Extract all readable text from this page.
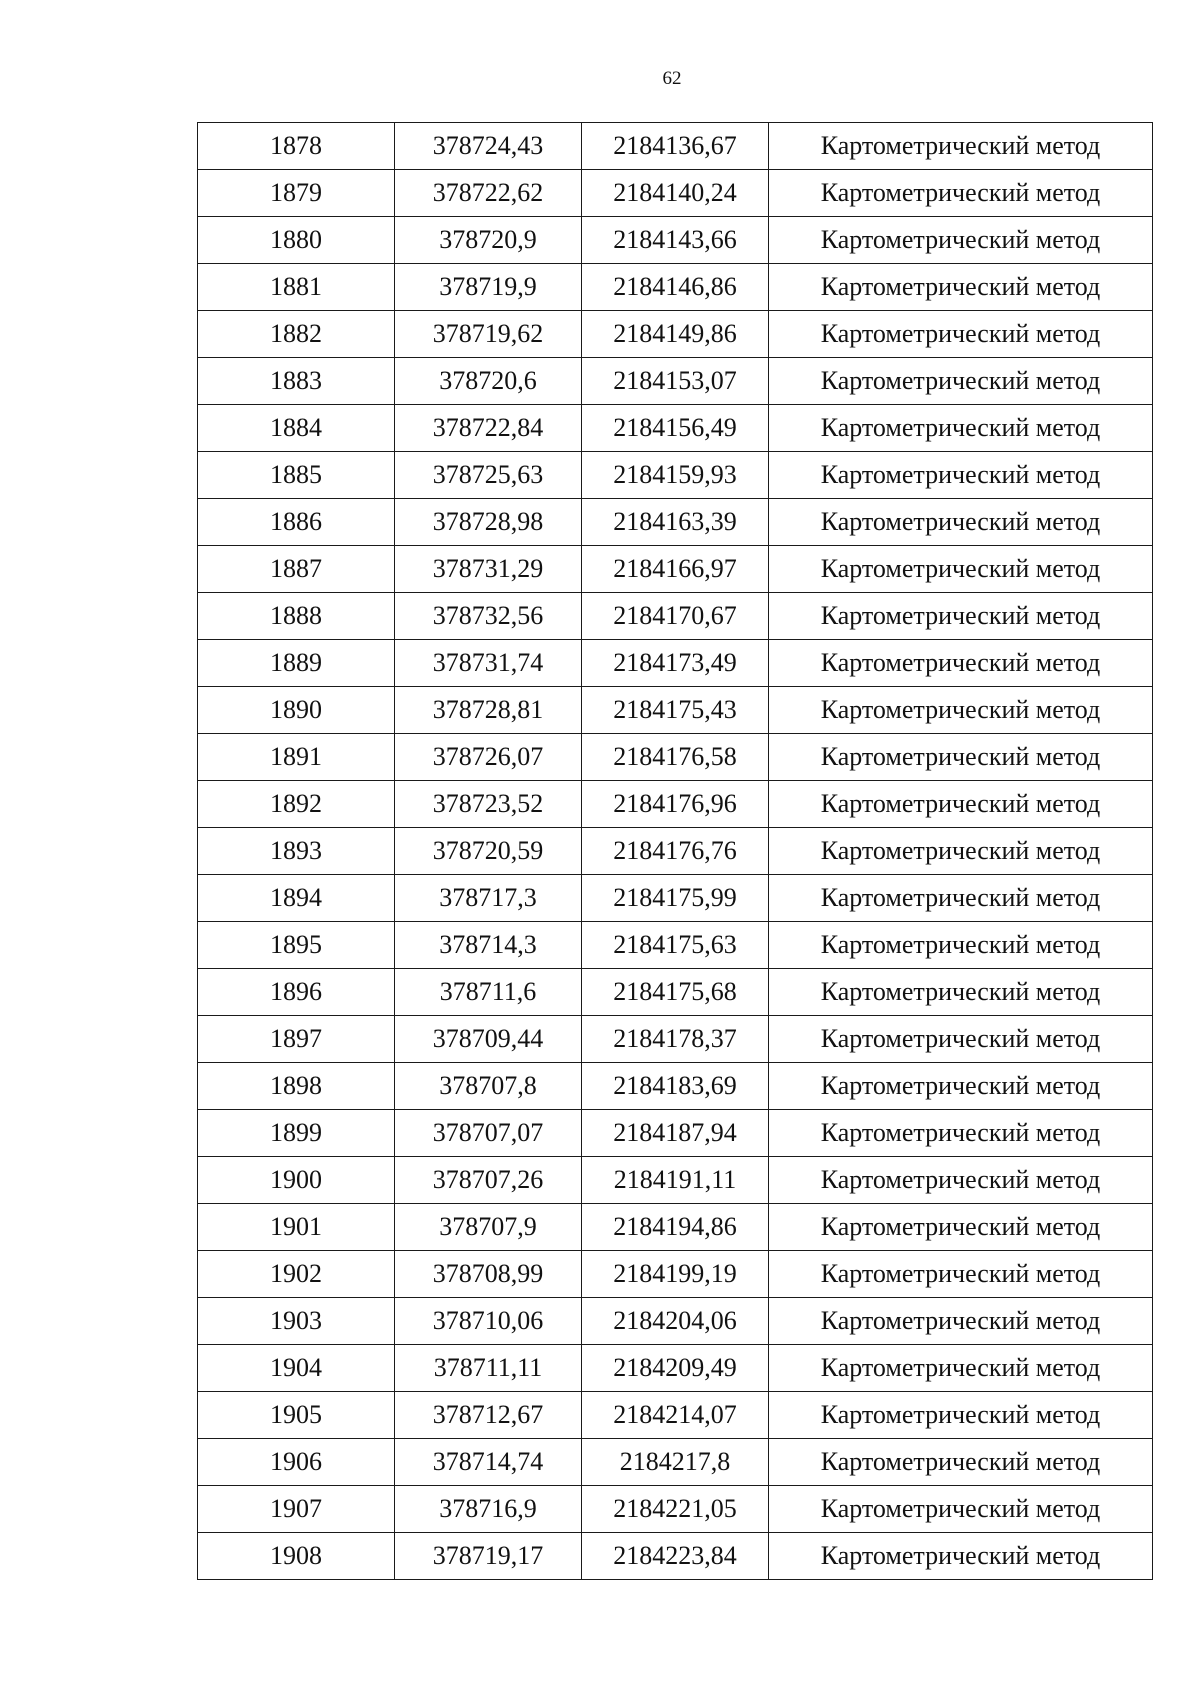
62
1878	378724,43	2184136,67	Картометрический метод
1879	378722,62	2184140,24	Картометрический метод
1880	378720,9	2184143,66	Картометрический метод
1881	378719,9	2184146,86	Картометрический метод
1882	378719,62	2184149,86	Картометрический метод
1883	378720,6	2184153,07	Картометрический метод
1884	378722,84	2184156,49	Картометрический метод
1885	378725,63	2184159,93	Картометрический метод
1886	378728,98	2184163,39	Картометрический метод
1887	378731,29	2184166,97	Картометрический метод
1888	378732,56	2184170,67	Картометрический метод
1889	378731,74	2184173,49	Картометрический метод
1890	378728,81	2184175,43	Картометрический метод
1891	378726,07	2184176,58	Картометрический метод
1892	378723,52	2184176,96	Картометрический метод
1893	378720,59	2184176,76	Картометрический метод
1894	378717,3	2184175,99	Картометрический метод
1895	378714,3	2184175,63	Картометрический метод
1896	378711,6	2184175,68	Картометрический метод
1897	378709,44	2184178,37	Картометрический метод
1898	378707,8	2184183,69	Картометрический метод
1899	378707,07	2184187,94	Картометрический метод
1900	378707,26	2184191,11	Картометрический метод
1901	378707,9	2184194,86	Картометрический метод
1902	378708,99	2184199,19	Картометрический метод
1903	378710,06	2184204,06	Картометрический метод
1904	378711,11	2184209,49	Картометрический метод
1905	378712,67	2184214,07	Картометрический метод
1906	378714,74	2184217,8	Картометрический метод
1907	378716,9	2184221,05	Картометрический метод
1908	378719,17	2184223,84	Картометрический метод
